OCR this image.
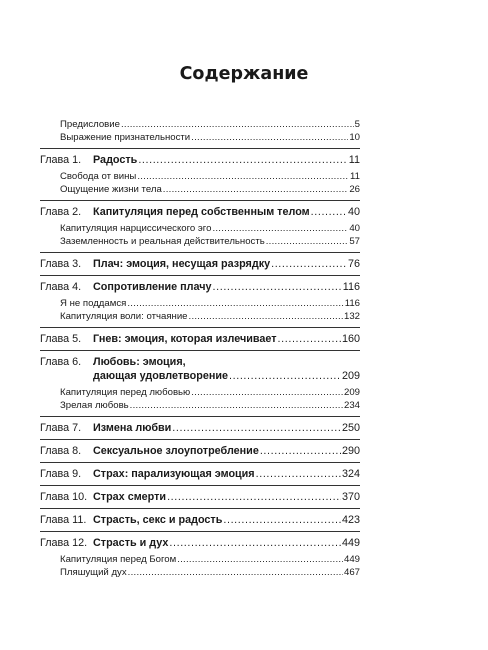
Содержание
Предисловие . . .	5
Выражение признательности . . .	10
Глава 1.	Радость . . .	11
Свобода от вины . . .	11
Ощущение жизни тела . . .	26
Глава 2.	Капитуляция перед собственным телом . . .	40
Капитуляция нарциссического эго . . .	40
Заземленность и реальная действительность . . .	57
Глава 3.	Плач: эмоция, несущая разрядку . . .	76
Глава 4.	Сопротивление плачу . . .	116
Я не поддамся . . .	116
Капитуляция воли: отчаяние . . .	132
Глава 5.	Гнев: эмоция, которая излечивает . . .	160
Глава 6.	Любовь: эмоция,
дающая удовлетворение . . .	209
Капитуляция перед любовью . . .	209
Зрелая любовь . . .	234
Глава 7.	Измена любви . . .	250
Глава 8.	Сексуальное злоупотребление . . .	290
Глава 9.	Страх: парализующая эмоция . . .	324
Глава 10. Страх смерти . . .	370
Глава 11. Страсть, секс и радость . . .	423
Глава 12. Страсть и дух . . .	449
Капитуляция перед Богом . . .	449
Пляшущий дух . . .	467
